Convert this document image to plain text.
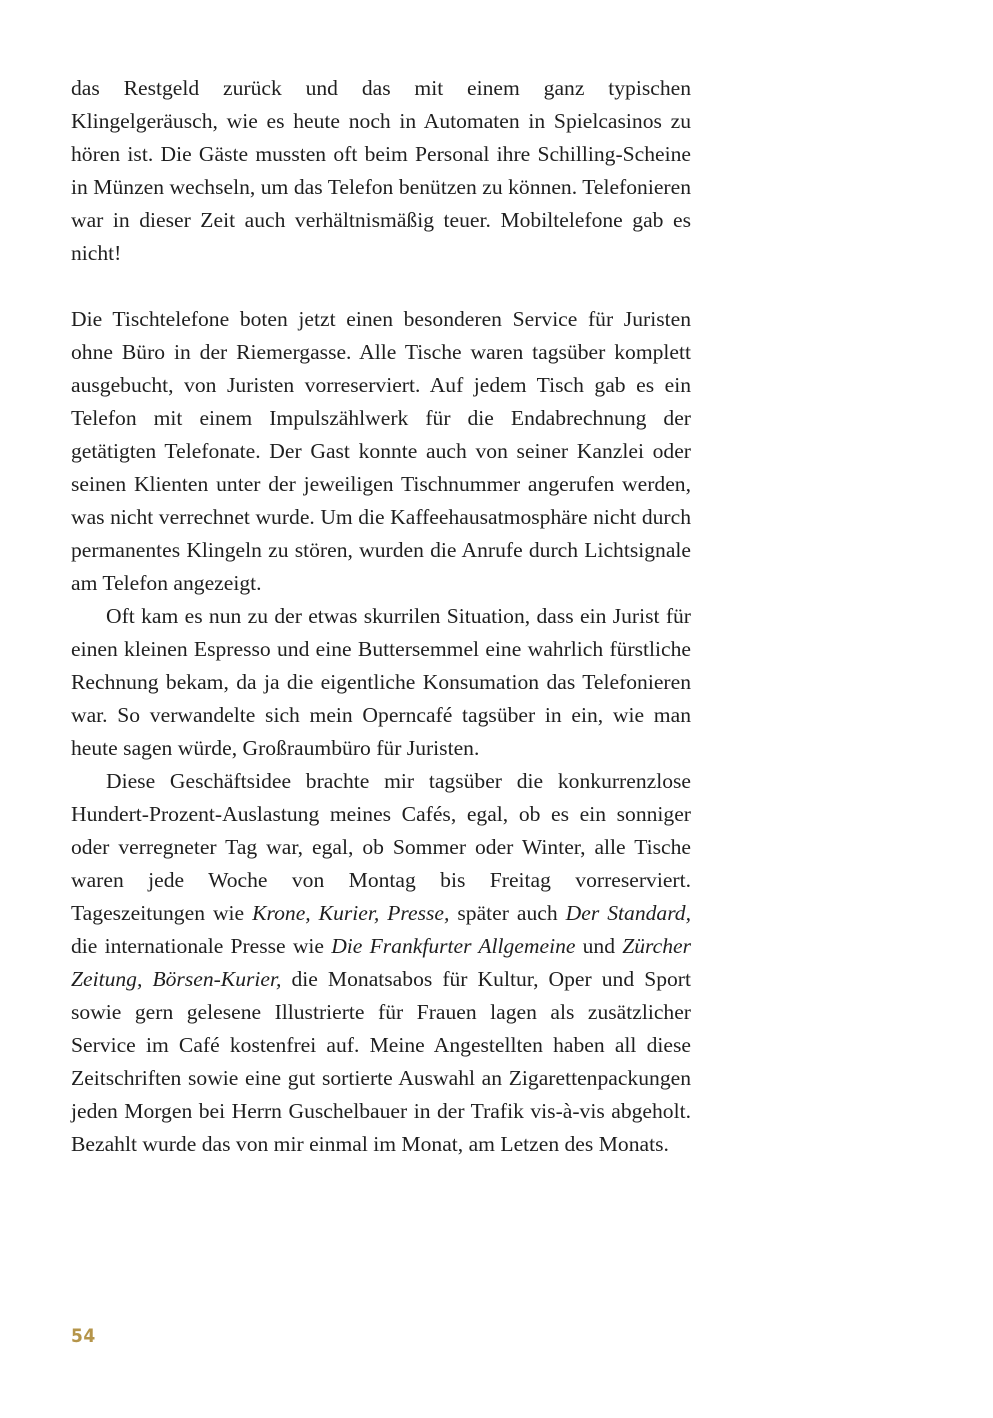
das Restgeld zurück und das mit einem ganz typischen Klingelgeräusch, wie es heute noch in Automaten in Spielcasinos zu hören ist. Die Gäste mussten oft beim Personal ihre Schilling-Scheine in Münzen wechseln, um das Telefon benützen zu können. Telefonieren war in dieser Zeit auch verhältnismäßig teuer. Mobiltelefone gab es nicht!

Die Tischtelefone boten jetzt einen besonderen Service für Juristen ohne Büro in der Riemergasse. Alle Tische waren tagsüber komplett ausgebucht, von Juristen vorreserviert. Auf jedem Tisch gab es ein Telefon mit einem Impulszählwerk für die Endabrechnung der getätigten Telefonate. Der Gast konnte auch von seiner Kanzlei oder seinen Klienten unter der jeweiligen Tischnummer angerufen werden, was nicht verrechnet wurde. Um die Kaffeehausatmosphäre nicht durch permanentes Klingeln zu stören, wurden die Anrufe durch Lichtsignale am Telefon angezeigt.

Oft kam es nun zu der etwas skurrilen Situation, dass ein Jurist für einen kleinen Espresso und eine Buttersemmel eine wahrlich fürstliche Rechnung bekam, da ja die eigentliche Konsumation das Telefonieren war. So verwandelte sich mein Operncafé tagsüber in ein, wie man heute sagen würde, Großraumbüro für Juristen.

Diese Geschäftsidee brachte mir tagsüber die konkurrenzlose Hundert-Prozent-Auslastung meines Cafés, egal, ob es ein sonniger oder verregneter Tag war, egal, ob Sommer oder Winter, alle Tische waren jede Woche von Montag bis Freitag vorreserviert. Tageszeitungen wie Krone, Kurier, Presse, später auch Der Standard, die internationale Presse wie Die Frankfurter Allgemeine und Zürcher Zeitung, Börsen-Kurier, die Monatsabos für Kultur, Oper und Sport sowie gern gelesene Illustrierte für Frauen lagen als zusätzlicher Service im Café kostenfrei auf. Meine Angestellten haben all diese Zeitschriften sowie eine gut sortierte Auswahl an Zigarettenpackungen jeden Morgen bei Herrn Guschelbauer in der Trafik vis-à-vis abgeholt. Bezahlt wurde das von mir einmal im Monat, am Letzen des Monats.

54
